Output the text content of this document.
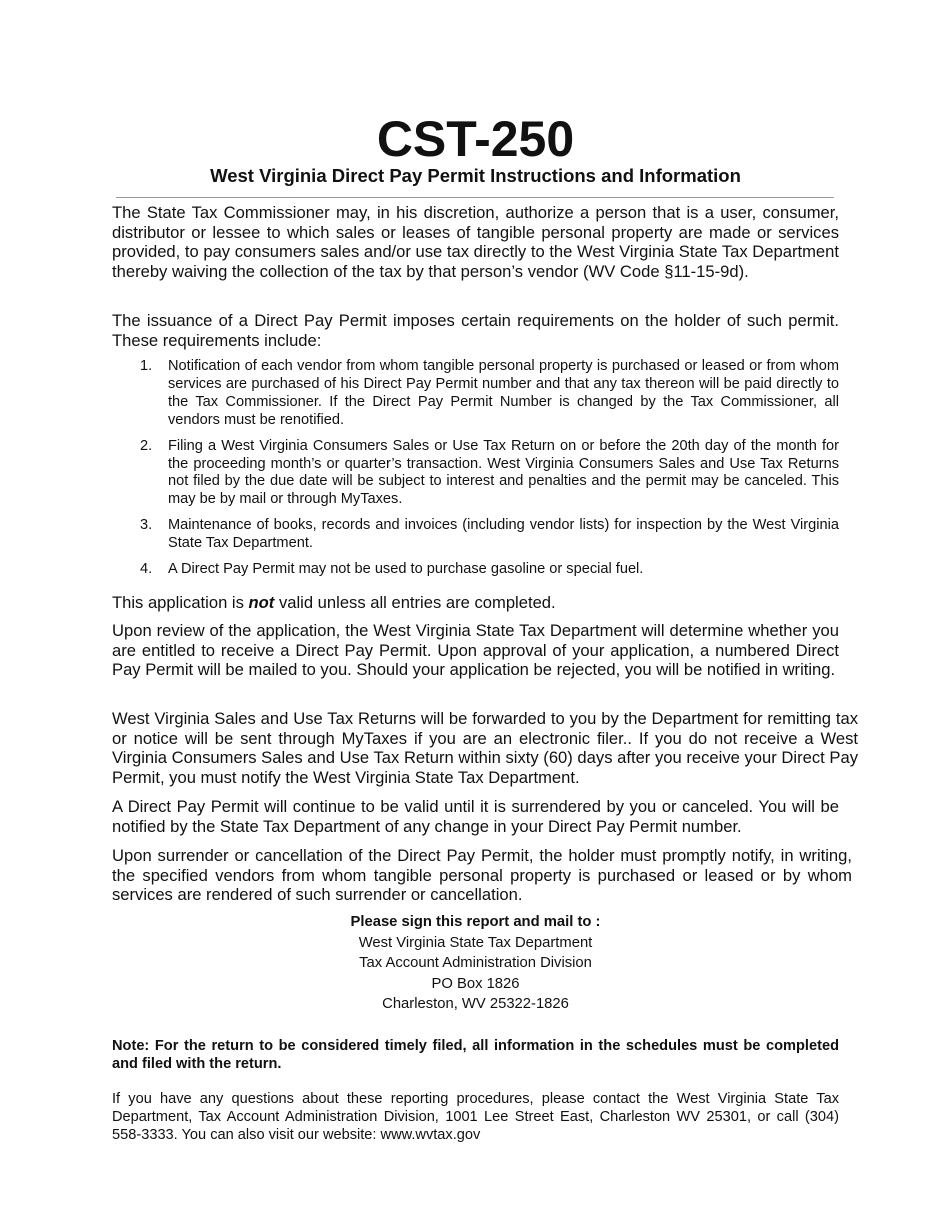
CST-250
West Virginia Direct Pay Permit Instructions and Information
The State Tax Commissioner may, in his discretion, authorize a person that is a user, consumer, distributor or lessee to which sales or leases of tangible personal property are made or services provided, to pay consumers sales and/or use tax directly to the West Virginia State Tax Department thereby waiving the collection of the tax by that person’s vendor (WV Code §11-15-9d).
The issuance of a Direct Pay Permit imposes certain requirements on the holder of such permit. These requirements include:
1. Notification of each vendor from whom tangible personal property is purchased or leased or from whom services are purchased of his Direct Pay Permit number and that any tax thereon will be paid directly to the Tax Commissioner. If the Direct Pay Permit Number is changed by the Tax Commissioner, all vendors must be renotified.
2. Filing a West Virginia Consumers Sales or Use Tax Return on or before the 20th day of the month for the proceeding month’s or quarter’s transaction. West Virginia Consumers Sales and Use Tax Returns not filed by the due date will be subject to interest and penalties and the permit may be canceled. This may be by mail or through MyTaxes.
3. Maintenance of books, records and invoices (including vendor lists) for inspection by the West Virginia State Tax Department.
4. A Direct Pay Permit may not be used to purchase gasoline or special fuel.
This application is not valid unless all entries are completed.
Upon review of the application, the West Virginia State Tax Department will determine whether you are entitled to receive a Direct Pay Permit. Upon approval of your application, a numbered Direct Pay Permit will be mailed to you. Should your application be rejected, you will be notified in writing.
West Virginia Sales and Use Tax Returns will be forwarded to you by the Department for remitting tax or notice will be sent through MyTaxes if you are an electronic filer.. If you do not receive a West Virginia Consumers Sales and Use Tax Return within sixty (60) days after you receive your Direct Pay Permit, you must notify the West Virginia State Tax Department.
A Direct Pay Permit will continue to be valid until it is surrendered by you or canceled. You will be notified by the State Tax Department of any change in your Direct Pay Permit number.
Upon surrender or cancellation of the Direct Pay Permit, the holder must promptly notify, in writing, the specified vendors from whom tangible personal property is purchased or leased or by whom services are rendered of such surrender or cancellation.
Please sign this report and mail to :
West Virginia State Tax Department
Tax Account Administration Division
PO Box 1826
Charleston, WV 25322-1826
Note: For the return to be considered timely filed, all information in the schedules must be completed and filed with the return.
If you have any questions about these reporting procedures, please contact the West Virginia State Tax Department, Tax Account Administration Division, 1001 Lee Street East, Charleston WV 25301, or call (304) 558-3333. You can also visit our website: www.wvtax.gov
